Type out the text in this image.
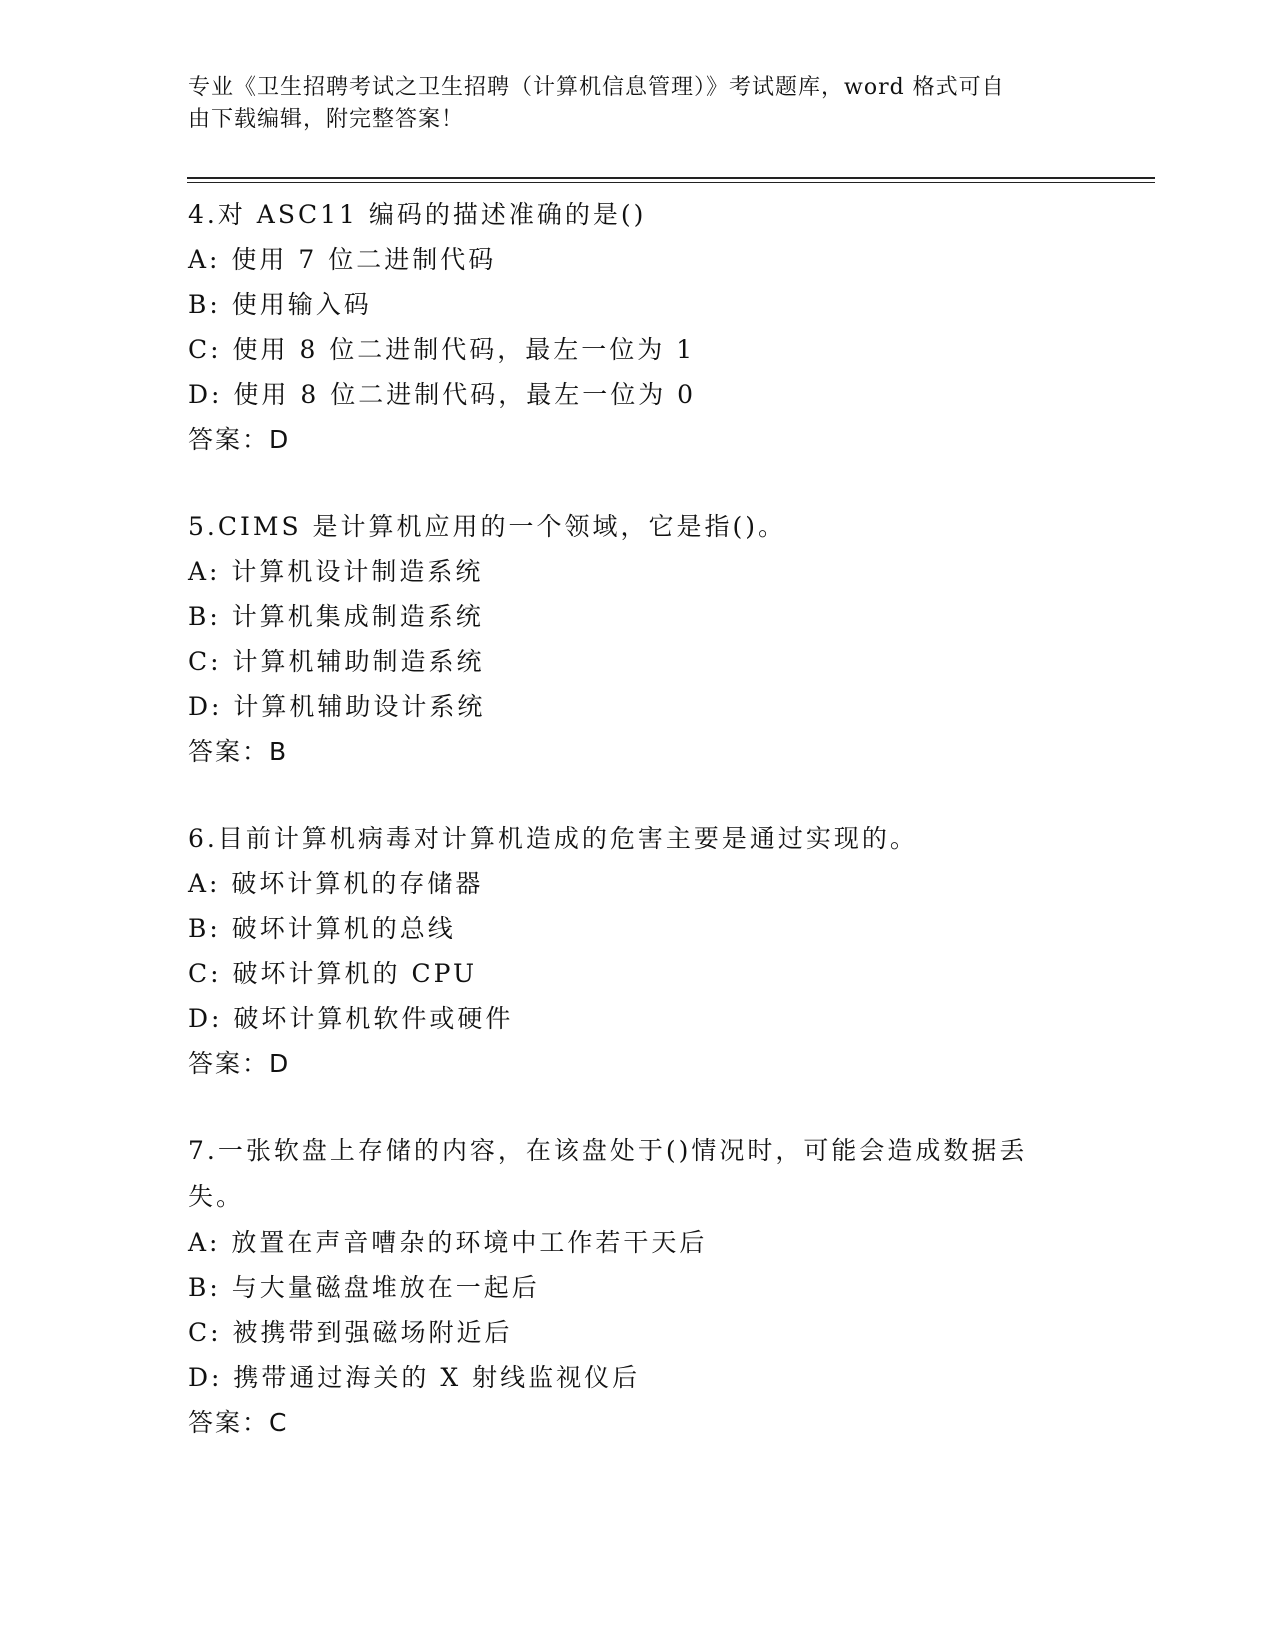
专业《卫生招聘考试之卫生招聘（计算机信息管理）》考试题库，word 格式可自
由下载编辑，附完整答案！
4.对 ASC11 编码的描述准确的是()
A: 使用 7 位二进制代码
B: 使用输入码
C: 使用 8 位二进制代码，最左一位为 1
D: 使用 8 位二进制代码，最左一位为 0
答案：D
5.CIMS 是计算机应用的一个领域，它是指()。
A: 计算机设计制造系统
B: 计算机集成制造系统
C: 计算机辅助制造系统
D: 计算机辅助设计系统
答案：B
6.目前计算机病毒对计算机造成的危害主要是通过实现的。
A: 破坏计算机的存储器
B: 破坏计算机的总线
C: 破坏计算机的 CPU
D: 破坏计算机软件或硬件
答案：D
7.一张软盘上存储的内容，在该盘处于()情况时，可能会造成数据丢失。
A: 放置在声音嘈杂的环境中工作若干天后
B: 与大量磁盘堆放在一起后
C: 被携带到强磁场附近后
D: 携带通过海关的 X 射线监视仪后
答案：C
